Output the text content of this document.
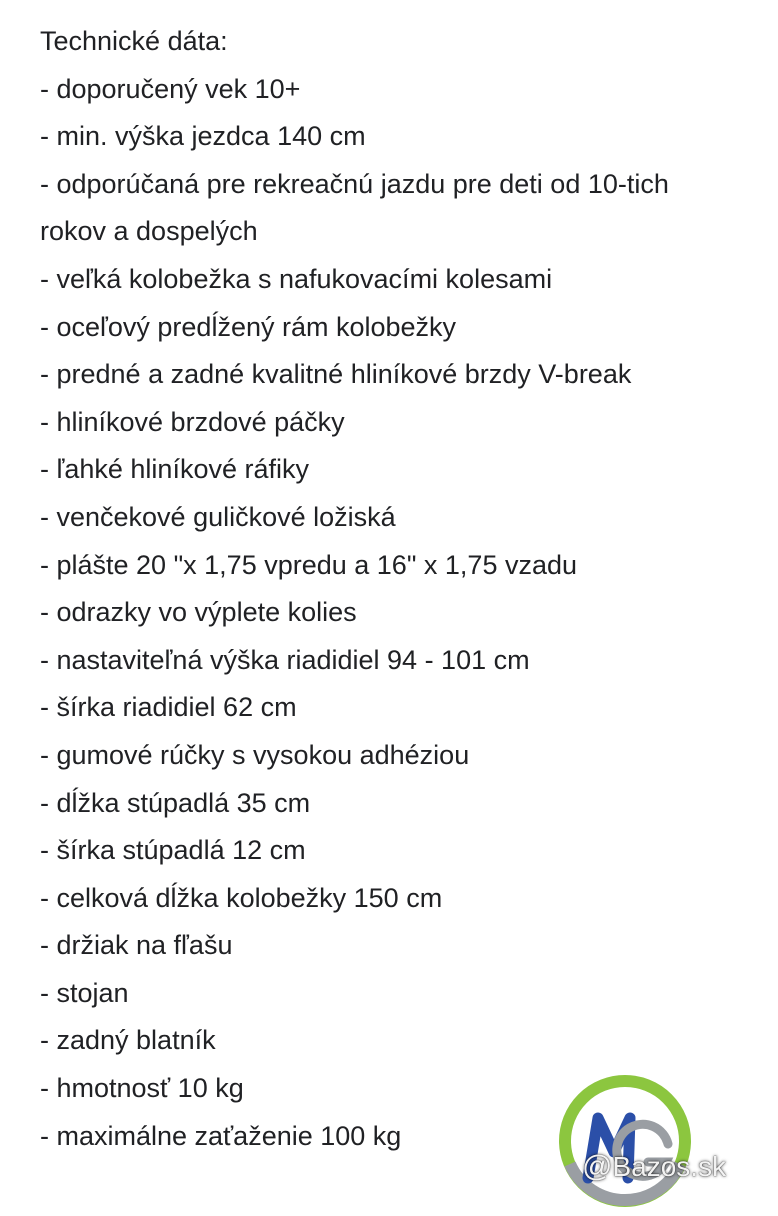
Technické dáta:
- doporučený vek 10+
- min. výška jezdca 140 cm
- odporúčaná pre rekreačnú jazdu pre deti od 10-tich
rokov a dospelých
- veľká kolobežka s nafukovacími kolesami
- oceľový predĺžený rám kolobežky
- predné a zadné kvalitné hliníkové brzdy V-break
- hliníkové brzdové páčky
- ľahké hliníkové ráfiky
- venčekové guličkové ložiská
- plášte 20 "x 1,75 vpredu a 16" x 1,75 vzadu
- odrazky vo výplete kolies
- nastaviteľná výška riadidiel 94 - 101 cm
- šírka riadidiel 62 cm
- gumové rúčky s vysokou adhéziou
- dĺžka stúpadlá 35 cm
- šírka stúpadlá 12 cm
- celková dĺžka kolobežky 150 cm
- držiak na fľašu
- stojan
- zadný blatník
- hmotnosť 10 kg
- maximálne zaťaženie 100 kg
@Bazos.sk
